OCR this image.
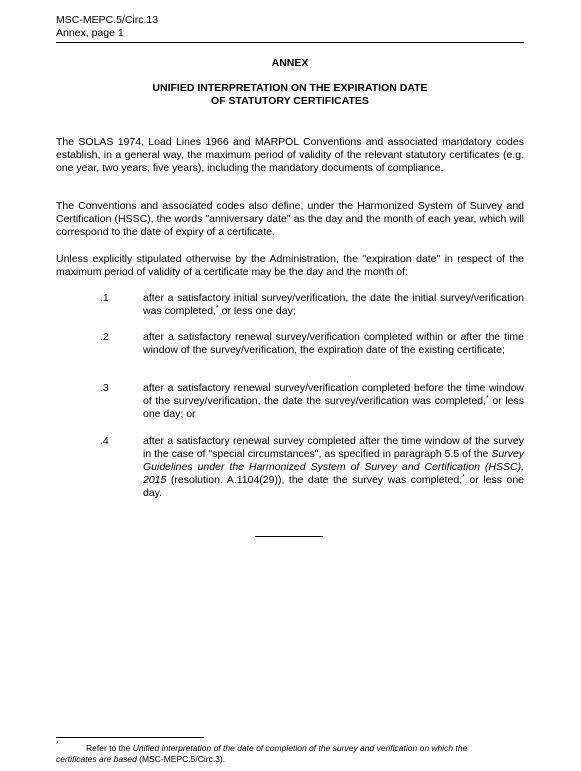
MSC-MEPC.5/Circ.13
Annex, page 1
ANNEX
UNIFIED INTERPRETATION ON THE EXPIRATION DATE
OF STATUTORY CERTIFICATES
The SOLAS 1974, Load Lines 1966 and MARPOL Conventions and associated mandatory codes establish, in a general way, the maximum period of validity of the relevant statutory certificates (e.g. one year, two years, five years), including the mandatory documents of compliance.
The Conventions and associated codes also define, under the Harmonized System of Survey and Certification (HSSC), the words "anniversary date" as the day and the month of each year, which will correspond to the date of expiry of a certificate.
Unless explicitly stipulated otherwise by the Administration, the "expiration date" in respect of the maximum period of validity of a certificate may be the day and the month of:
.1	after a satisfactory initial survey/verification, the date the initial survey/verification was completed,* or less one day;
.2	after a satisfactory renewal survey/verification completed within or after the time window of the survey/verification, the expiration date of the existing certificate;
.3	after a satisfactory renewal survey/verification completed before the time window of the survey/verification, the date the survey/verification was completed,* or less one day; or
.4	after a satisfactory renewal survey completed after the time window of the survey in the case of "special circumstances", as specified in paragraph 5.5 of the Survey Guidelines under the Harmonized System of Survey and Certification (HSSC), 2015 (resolution. A.1104(29)), the date the survey was completed,* or less one day.
*	Refer to the Unified interpretation of the date of completion of the survey and verification on which the
certificates are based (MSC-MEPC.5/Circ.3).
